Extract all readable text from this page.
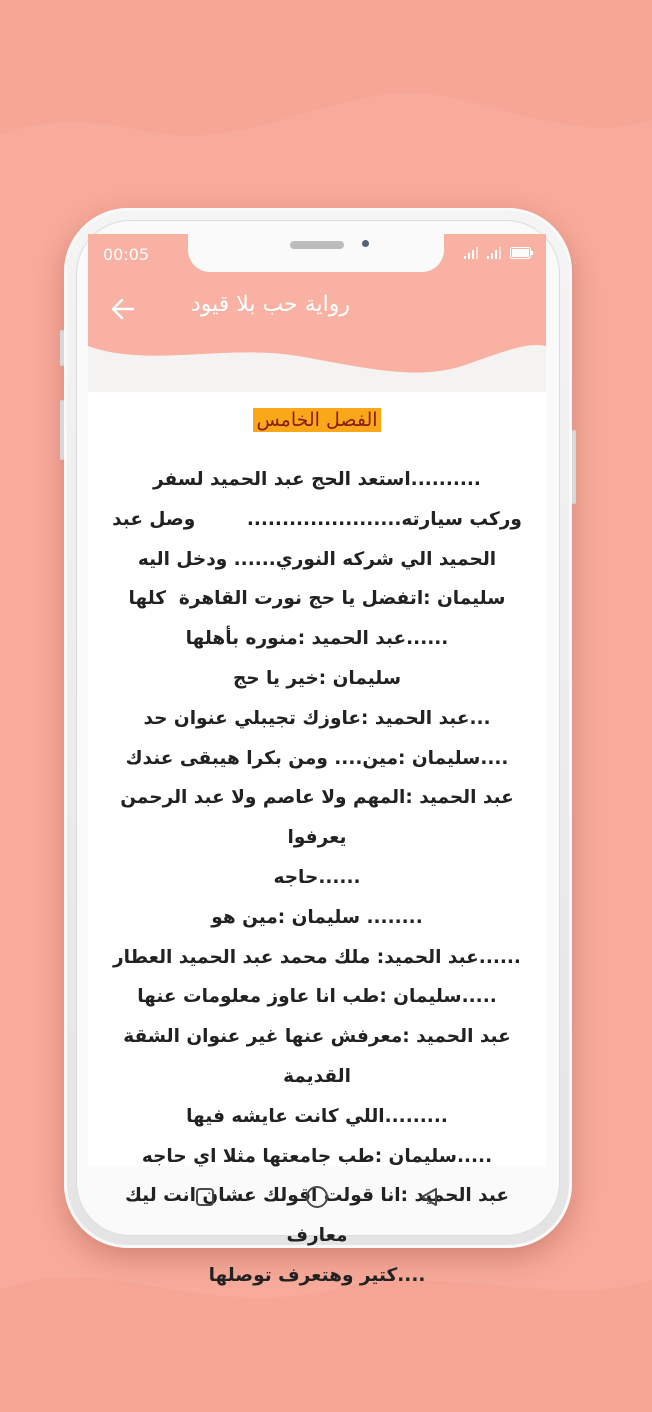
00:05
رواية حب بلا قيود
الفصل الخامس
..........استعد الحج عبد الحميد لسفر
وركب سيارته......................        وصل عبد
الحميد الي شركه النوري...... ودخل اليه
سليمان :اتفضل يا حج نورت القاهرة  كلها
......عبد الحميد :منوره بأهلها
سليمان :خير يا حج
...عبد الحميد :عاوزك تجيبلي عنوان حد
....سليمان :مين.... ومن بكرا هيبقى عندك
عبد الحميد :المهم ولا عاصم ولا عبد الرحمن يعرفوا
......حاجه
........ سليمان :مين هو
......عبد الحميد: ملك محمد عبد الحميد العطار
.....سليمان :طب انا عاوز معلومات عنها
عبد الحميد :معرفش عنها غير عنوان الشقة القديمة
.........اللي كانت عايشه فيها
.....سليمان :طب جامعتها مثلا اي حاجه
عبد الحميد :انا قولت اقولك عشان انت ليك معارف
....كتير وهتعرف توصلها
